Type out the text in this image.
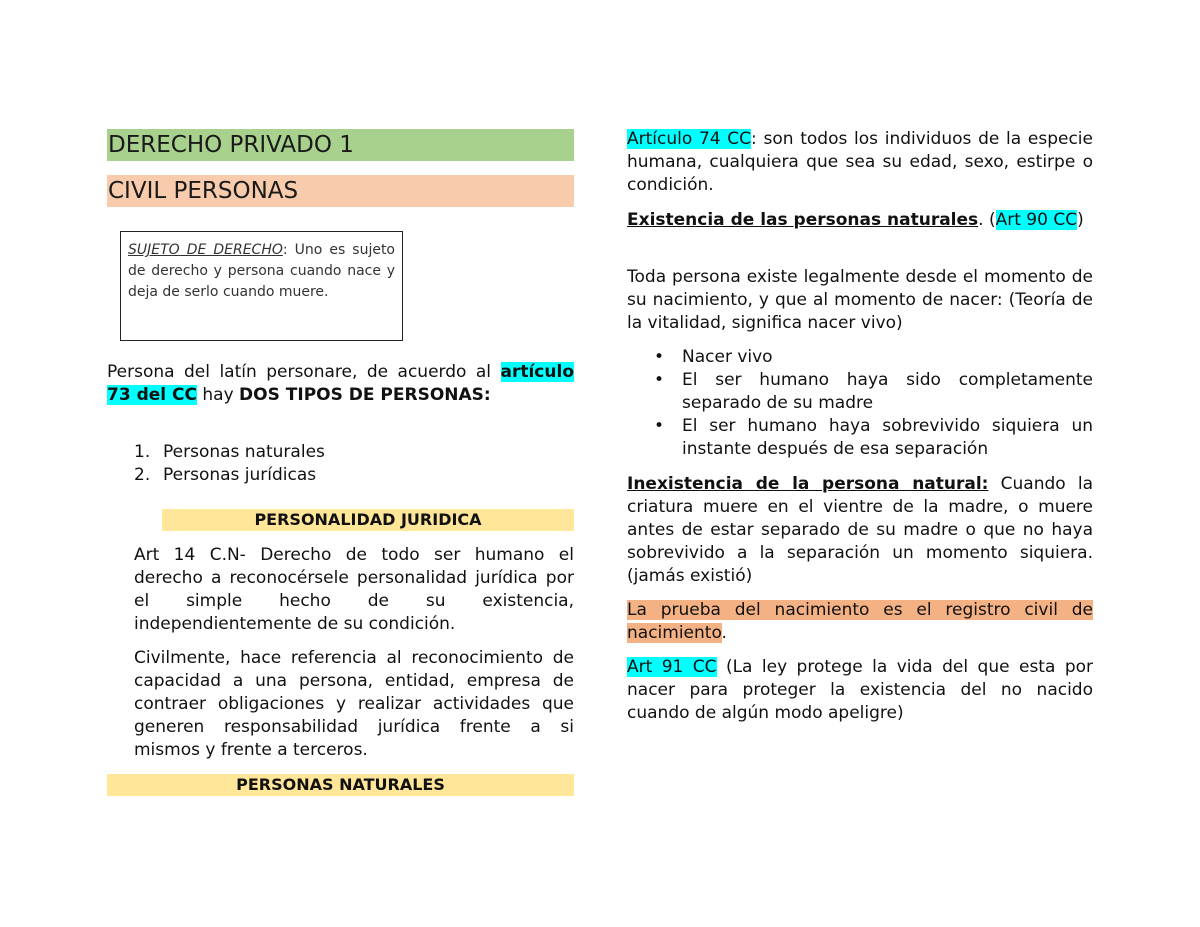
DERECHO PRIVADO 1
CIVIL PERSONAS
SUJETO DE DERECHO: Uno es sujeto de derecho y persona cuando nace y deja de serlo cuando muere.
Persona del latín personare, de acuerdo al artículo 73 del CC hay DOS TIPOS DE PERSONAS:
1. Personas naturales
2. Personas jurídicas
PERSONALIDAD JURIDICA
Art 14 C.N- Derecho de todo ser humano el derecho a reconocérsele personalidad jurídica por el simple hecho de su existencia, independientemente de su condición.
Civilmente, hace referencia al reconocimiento de capacidad a una persona, entidad, empresa de contraer obligaciones y realizar actividades que generen responsabilidad jurídica frente a si mismos y frente a terceros.
PERSONAS NATURALES
Artículo 74 CC: son todos los individuos de la especie humana, cualquiera que sea su edad, sexo, estirpe o condición.
Existencia de las personas naturales. (Art 90 CC)
Toda persona existe legalmente desde el momento de su nacimiento, y que al momento de nacer: (Teoría de la vitalidad, significa nacer vivo)
• Nacer vivo
• El ser humano haya sido completamente separado de su madre
• El ser humano haya sobrevivido siquiera un instante después de esa separación
Inexistencia de la persona natural: Cuando la criatura muere en el vientre de la madre, o muere antes de estar separado de su madre o que no haya sobrevivido a la separación un momento siquiera. (jamás existió)
La prueba del nacimiento es el registro civil de nacimiento.
Art 91 CC (La ley protege la vida del que esta por nacer para proteger la existencia del no nacido cuando de algún modo apeligre)
